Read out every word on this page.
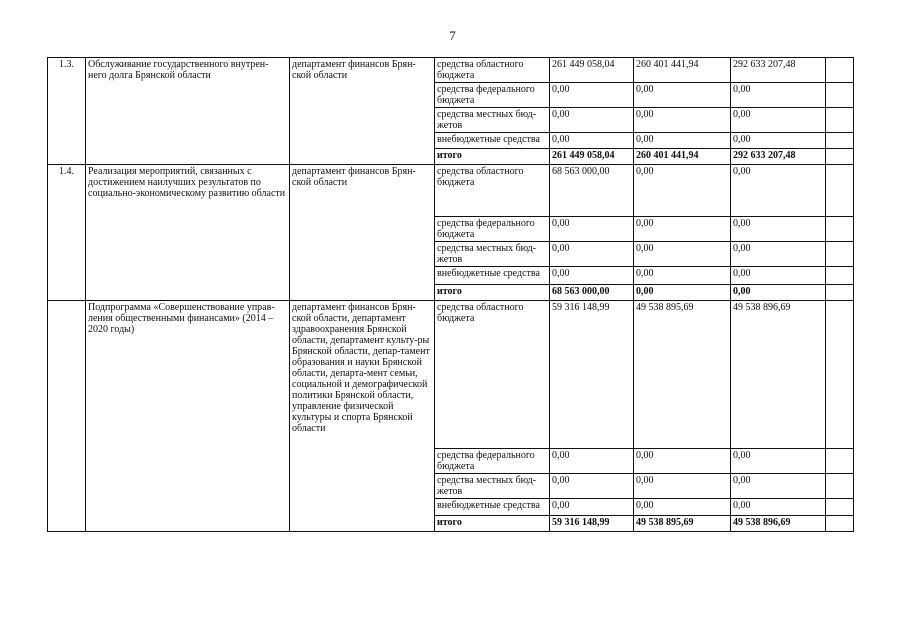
7
1.3.	Обслуживание государственного внутрен-него долга Брянской области	департамент финансов Брян-ской области	средства областного бюджета	261 449 058,04	260 401 441,94	292 633 207,48	
			средства федерального бюджета	0,00	0,00	0,00	
			средства местных бюд-жетов	0,00	0,00	0,00	
			внебюджетные средства	0,00	0,00	0,00	
			итого	261 449 058,04	260 401 441,94	292 633 207,48	
1.4.	Реализация мероприятий, связанных с достижением наилучших результатов по социально-экономическому развитию области	департамент финансов Брян-ской области	средства областного бюджета	68 563 000,00	0,00	0,00	
			средства федерального бюджета	0,00	0,00	0,00	
			средства местных бюд-жетов	0,00	0,00	0,00	
			внебюджетные средства	0,00	0,00	0,00	
			итого	68 563 000,00	0,00	0,00	
	Подпрограмма «Совершенствование управ-ления общественными финансами» (2014 – 2020 годы)	департамент финансов Брян-ской области, департамент здравоохранения Брянской области, департамент культу-ры Брянской области, депар-тамент образования и науки Брянской области, департа-мент семьи, социальной и демографической политики Брянской области, управление физической культуры и спорта Брянской области	средства областного бюджета	59 316 148,99	49 538 895,69	49 538 896,69	
			средства федерального бюджета	0,00	0,00	0,00	
			средства местных бюд-жетов	0,00	0,00	0,00	
			внебюджетные средства	0,00	0,00	0,00	
			итого	59 316 148,99	49 538 895,69	49 538 896,69	
